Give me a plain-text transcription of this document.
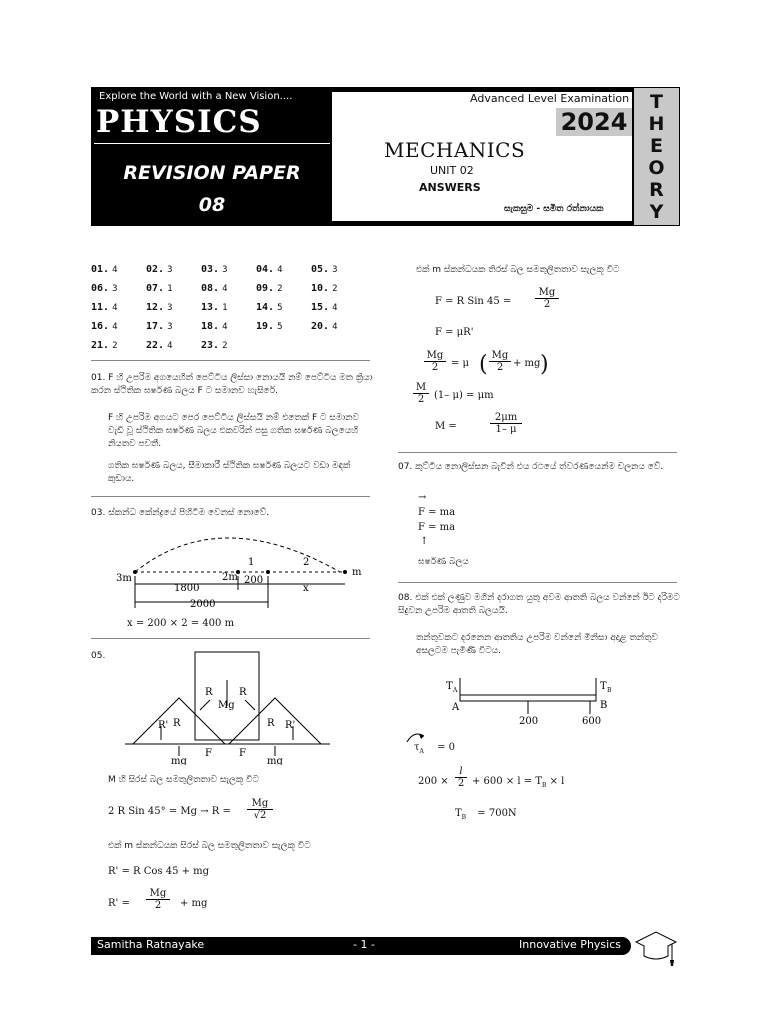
Explore the World with a New Vision....
PHYSICS
REVISION PAPER
08
Advanced Level Examination
2024
MECHANICS
UNIT 02
ANSWERS
සැකසුම - සමිත රත්නායක
T
H
E
O
R
Y
01. 4	02. 3	03. 3	04. 4	05. 3
06. 3	07. 1	08. 4	09. 2	10. 2
11. 4	12. 3	13. 1	14. 5	15. 4
16. 4	17. 3	18. 4	19. 5	20. 4
21. 2	22. 4	23. 2
01. F හි උපරිම අගයෙහිත් පෙට්ටිය ලිස්සා නොයයි නම් පෙට්ටිය මත ක්‍රියා කරන ස්ථිතික ඝර්ෂණ බලය F ට සමානව හැසිරේ.
F හි උපරිම අගයට පෙර පෙට්ටිය ලිස්සයි නම් එතෙක් F ට සමානව වැඩි වූ ස්ථිතික ඝර්ෂණ බලය එකවරින් පසු ගතික ඝර්ෂණ බලයෙහි නියතව පවතී.
ගතික ඝර්ෂණ බලය, සීමාකාරී ස්ථිතික ඝර්ෂණ බලයට වඩා මඳක් කුඩාය.
03. ස්කන්ධ කේන්ද්‍රයේ පිහිටීම වෙනස් නොවේ.
3m	2m	m
1	2
1800
200
x
2000
x = 200 × 2 = 400 m
05.
R	R
Mg
R	R
R'	R'
F	F
mg	mg
M හි සිරස් බල සමතුලිතතාව සැලකූ විට
2 R Sin $45^\circ = Mg \to R = \frac{Mg}{√2}$
එක් m ස්කන්ධයක සිරස් බල සමතුලිතතාව සැලකූ විට
R' = R Cos 45 + mg
$R' = \frac{Mg}{2}$ + mg
එක් m ස්කන්ධයක තිරස් බල සමතුලිතතාව සැලකූ විට
F = R Sin $45 = \frac{Mg}{2}$
F = μR'
$\frac{Mg}{2} = \mu$ ( $\frac{Mg}{2}$ + mg )
$\frac{M}{2} (1-$ μ) = μm
M =	$\frac{2\mu m}{1- \mu}$
07. කුට්ටිය නොලිස්සන බැවින් එය රථයේ ත්වරණයෙන්ම චලනය වේ.
→
F = ma
F = ma
↑
ඝර්ෂණ බලය
08. එක් එක් ලණුව මගින් දරාගත යුතු අවම ආතති බලය වන්නේ ඊට දරිමට සිදුවන උපරිම ආතති බලයයි.
තන්තුවකට දරනෙන ආතතිය උපරිම වන්නේ මිනිසා අදාළ තන්තුව අසලටම පැමිණි විටය.
T A	T B
A	B
200	600
$\tau_A = 0$
$200 \times \frac{l}{2} + 600 \times l = T_B \times l$
$T_B = 700N$
Samitha Ratnayake	- 1 -	Innovative Physics
